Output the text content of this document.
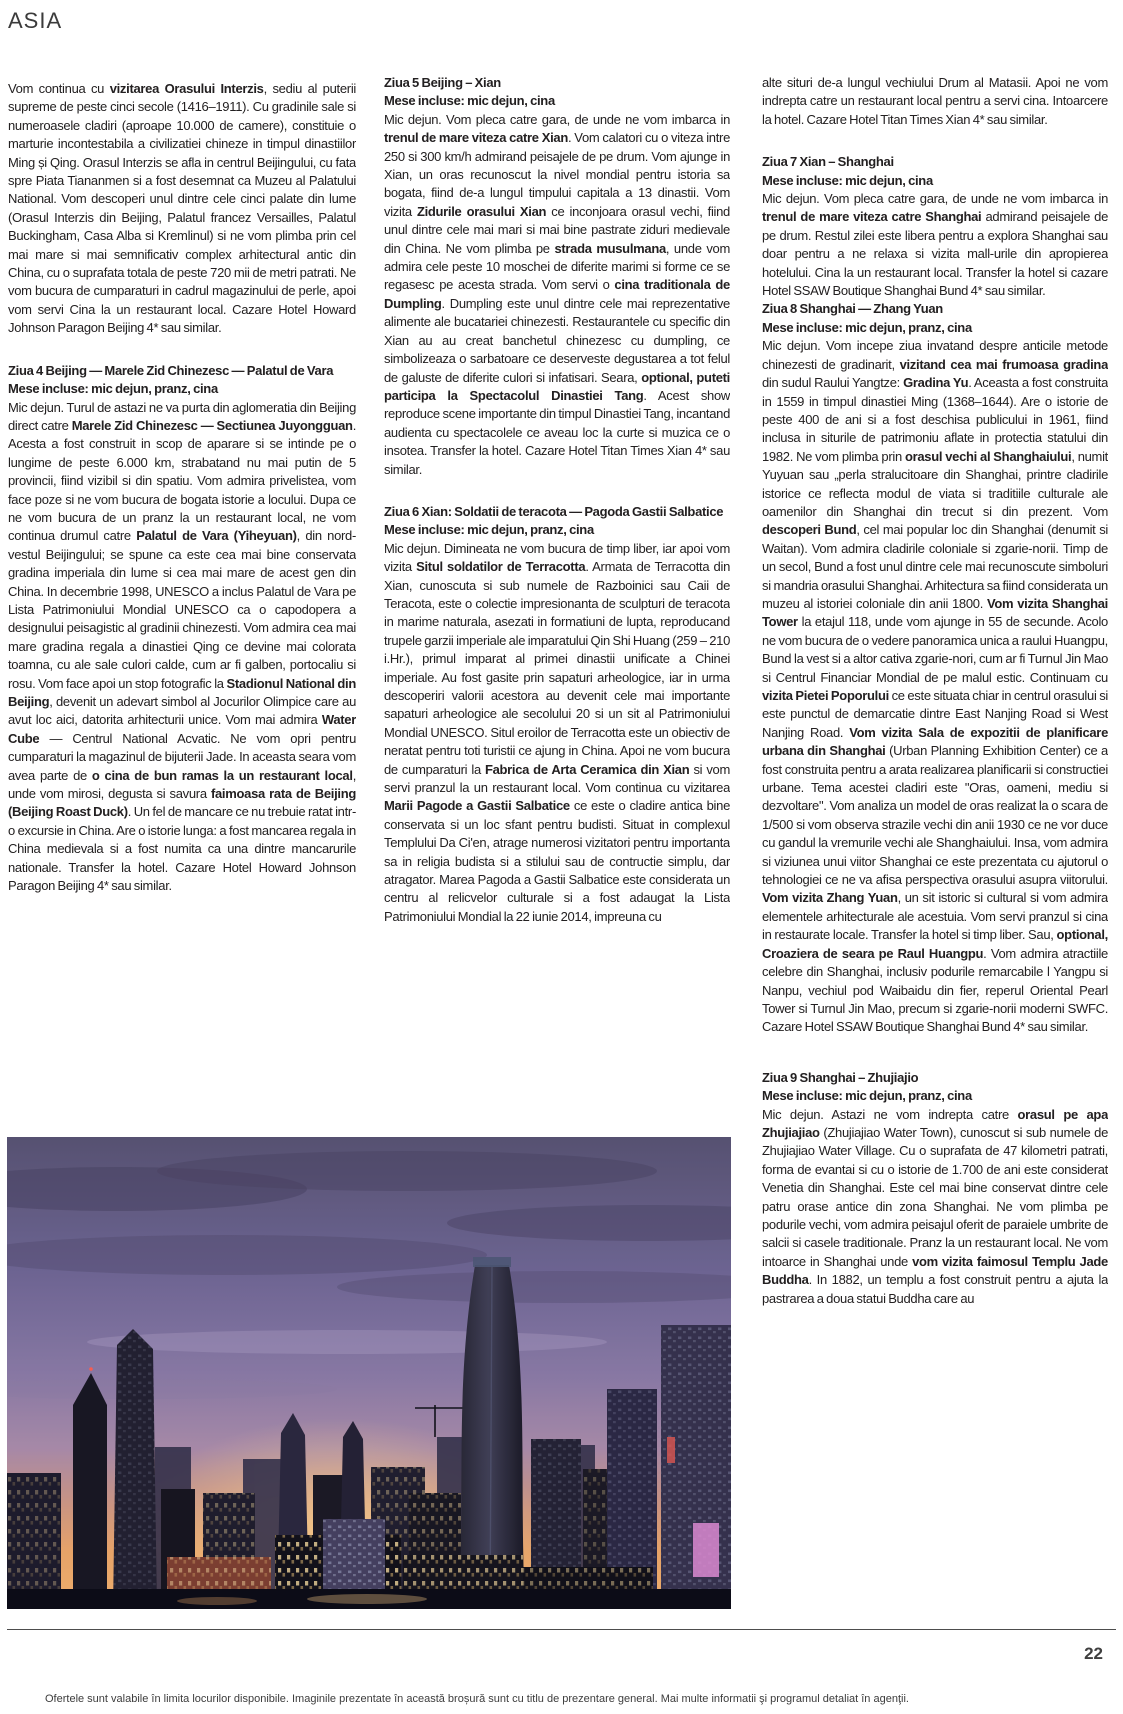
ASIA

Vom continua cu vizitarea Orasului Interzis, sediu al puterii supreme de peste cinci secole (1416–1911). Cu gradinile sale si numeroasele cladiri (aproape 10.000 de camere), constituie o marturie incontestabila a civilizatiei chineze in timpul dinastiilor Ming și Qing. Orasul Interzis se afla in centrul Beijingului, cu fata spre Piata Tiananmen si a fost desemnat ca Muzeu al Palatului National. Vom descoperi unul dintre cele cinci palate din lume (Orasul Interzis din Beijing, Palatul francez Versailles, Palatul Buckingham, Casa Alba si Kremlinul) si ne vom plimba prin cel mai mare si mai semnificativ complex arhitectural antic din China, cu o suprafata totala de peste 720 mii de metri patrati. Ne vom bucura de cumparaturi in cadrul magazinului de perle, apoi vom servi Cina la un restaurant local. Cazare Hotel Howard Johnson Paragon Beijing 4* sau similar.

Ziua 4 Beijing — Marele Zid Chinezesc — Palatul de Vara

Mese incluse: mic dejun, pranz, cina

Mic dejun. Turul de astazi ne va purta din aglomeratia din Beijing direct catre Marele Zid Chinezesc — Sectiunea Juyongguan. Acesta a fost construit in scop de aparare si se intinde pe o lungime de peste 6.000 km, strabatand nu mai putin de 5 provincii, fiind vizibil si din spatiu. Vom admira privelistea, vom face poze si ne vom bucura de bogata istorie a locului. Dupa ce ne vom bucura de un pranz la un restaurant local, ne vom continua drumul catre Palatul de Vara (Yiheyuan), din nord-vestul Beijingului; se spune ca este cea mai bine conservata gradina imperiala din lume si cea mai mare de acest gen din China. In decembrie 1998, UNESCO a inclus Palatul de Vara pe Lista Patrimoniului Mondial UNESCO ca o capodopera a designului peisagistic al gradinii chinezesti. Vom admira cea mai mare gradina regala a dinastiei Qing ce devine mai colorata toamna, cu ale sale culori calde, cum ar fi galben, portocaliu si rosu. Vom face apoi un stop fotografic la Stadionul National din Beijing, devenit un adevart simbol al Jocurilor Olimpice care au avut loc aici, datorita arhitecturii unice. Vom mai admira Water Cube — Centrul National Acvatic. Ne vom opri pentru cumparaturi la magazinul de bijuterii Jade. In aceasta seara vom avea parte de o cina de bun ramas la un restaurant local, unde vom mirosi, degusta si savura faimoasa rata de Beijing (Beijing Roast Duck). Un fel de mancare ce nu trebuie ratat intr-o excursie in China. Are o istorie lunga: a fost mancarea regala in China medievala si a fost numita ca una dintre mancarurile nationale. Transfer la hotel. Cazare Hotel Howard Johnson Paragon Beijing 4* sau similar.

Ziua 5 Beijing – Xian

Mese incluse: mic dejun, cina

Mic dejun. Vom pleca catre gara, de unde ne vom imbarca in trenul de mare viteza catre Xian. Vom calatori cu o viteza intre 250 si 300 km/h admirand peisajele de pe drum. Vom ajunge in Xian, un oras recunoscut la nivel mondial pentru istoria sa bogata, fiind de-a lungul timpului capitala a 13 dinastii. Vom vizita Zidurile orasului Xian ce inconjoara orasul vechi, fiind unul dintre cele mai mari si mai bine pastrate ziduri medievale din China. Ne vom plimba pe strada musulmana, unde vom admira cele peste 10 moschei de diferite marimi si forme ce se regasesc pe acesta strada. Vom servi o cina traditionala de Dumpling. Dumpling este unul dintre cele mai reprezentative alimente ale bucatariei chinezesti. Restaurantele cu specific din Xian au au creat banchetul chinezesc cu dumpling, ce simbolizeaza o sarbatoare ce deserveste degustarea a tot felul de galuste de diferite culori si infatisari. Seara, optional, puteti participa la Spectacolul Dinastiei Tang. Acest show reproduce scene importante din timpul Dinastiei Tang, incantand audienta cu spectacolele ce aveau loc la curte si muzica ce o insotea. Transfer la hotel. Cazare Hotel Titan Times Xian 4* sau similar.

Ziua 6 Xian: Soldatii de teracota — Pagoda Gastii Salbatice

Mese incluse: mic dejun, pranz, cina

Mic dejun. Dimineata ne vom bucura de timp liber, iar apoi vom vizita Situl soldatilor de Terracotta. Armata de Terracotta din Xian, cunoscuta si sub numele de Razboinici sau Caii de Teracota, este o colectie impresionanta de sculpturi de teracota in marime naturala, asezati in formatiuni de lupta, reproducand trupele garzii imperiale ale imparatului Qin Shi Huang (259 – 210 i.Hr.), primul imparat al primei dinastii unificate a Chinei imperiale. Au fost gasite prin sapaturi arheologice, iar in urma descoperiri valorii acestora au devenit cele mai importante sapaturi arheologice ale secolului 20 si un sit al Patrimoniului Mondial UNESCO. Situl eroilor de Terracotta este un obiectiv de neratat pentru toti turistii ce ajung in China. Apoi ne vom bucura de cumparaturi la Fabrica de Arta Ceramica din Xian si vom servi pranzul la un restaurant local. Vom continua cu vizitarea Marii Pagode a Gastii Salbatice ce este o cladire antica bine conservata si un loc sfant pentru budisti. Situat in complexul Templului Da Ci'en, atrage numerosi vizitatori pentru importanta sa in religia budista si a stilului sau de contructie simplu, dar atragator. Marea Pagoda a Gastii Salbatice este considerata un centru al relicvelor culturale si a fost adaugat la Lista Patrimoniului Mondial la 22 iunie 2014, impreuna cu

alte situri de-a lungul vechiului Drum al Matasii. Apoi ne vom indrepta catre un restaurant local pentru a servi cina. Intoarcere la hotel. Cazare Hotel Titan Times Xian 4* sau similar.

Ziua 7 Xian – Shanghai

Mese incluse: mic dejun, cina

Mic dejun. Vom pleca catre gara, de unde ne vom imbarca in trenul de mare viteza catre Shanghai admirand peisajele de pe drum. Restul zilei este libera pentru a explora Shanghai sau doar pentru a ne relaxa si vizita mall-urile din apropierea hotelului. Cina la un restaurant local. Transfer la hotel si cazare Hotel SSAW Boutique Shanghai Bund 4* sau similar.

Ziua 8 Shanghai — Zhang Yuan

Mese incluse: mic dejun, pranz, cina

Mic dejun. Vom incepe ziua invatand despre anticile metode chinezesti de gradinarit, vizitand cea mai frumoasa gradina din sudul Raului Yangtze: Gradina Yu. Aceasta a fost construita in 1559 in timpul dinastiei Ming (1368–1644). Are o istorie de peste 400 de ani si a fost deschisa publicului in 1961, fiind inclusa in siturile de patrimoniu aflate in protectia statului din 1982. Ne vom plimba prin orasul vechi al Shanghaiului, numit Yuyuan sau „perla stralucitoare din Shanghai, printre cladirile istorice ce reflecta modul de viata si traditiile culturale ale oamenilor din Shanghai din trecut si din prezent. Vom descoperi Bund, cel mai popular loc din Shanghai (denumit si Waitan). Vom admira cladirile coloniale si zgarie-norii. Timp de un secol, Bund a fost unul dintre cele mai recunoscute simboluri si mandria orasului Shanghai. Arhitectura sa fiind considerata un muzeu al istoriei coloniale din anii 1800. Vom vizita Shanghai Tower la etajul 118, unde vom ajunge in 55 de secunde. Acolo ne vom bucura de o vedere panoramica unica a raului Huangpu, Bund la vest si a altor cativa zgarie-nori, cum ar fi Turnul Jin Mao si Centrul Financiar Mondial de pe malul estic. Continuam cu vizita Pietei Poporului ce este situata chiar in centrul orasului si este punctul de demarcatie dintre East Nanjing Road si West Nanjing Road. Vom vizita Sala de expozitii de planificare urbana din Shanghai (Urban Planning Exhibition Center) ce a fost construita pentru a arata realizarea planificarii si constructiei urbane. Tema acestei cladiri este "Oras, oameni, mediu si dezvoltare". Vom analiza un model de oras realizat la o scara de 1/500 si vom observa strazile vechi din anii 1930 ce ne vor duce cu gandul la vremurile vechi ale Shanghaiului. Insa, vom admira si viziunea unui viitor Shanghai ce este prezentata cu ajutorul o tehnologiei ce ne va afisa perspectiva orasului asupra viitorului. Vom vizita Zhang Yuan, un sit istoric si cultural si vom admira elementele arhitecturale ale acestuia. Vom servi pranzul si cina in restaurate locale. Transfer la hotel si timp liber. Sau, optional, Croaziera de seara pe Raul Huangpu. Vom admira atractiile celebre din Shanghai, inclusiv podurile remarcabile l Yangpu si Nanpu, vechiul pod Waibaidu din fier, reperul Oriental Pearl Tower si Turnul Jin Mao, precum si zgarie-norii moderni SWFC. Cazare Hotel SSAW Boutique Shanghai Bund 4* sau similar.

Ziua 9 Shanghai – Zhujiajio

Mese incluse: mic dejun, pranz, cina

Mic dejun. Astazi ne vom indrepta catre orasul pe apa Zhujiajiao (Zhujiajiao Water Town), cunoscut si sub numele de Zhujiajiao Water Village. Cu o suprafata de 47 kilometri patrati, forma de evantai si cu o istorie de 1.700 de ani este considerat Venetia din Shanghai. Este cel mai bine conservat dintre cele patru orase antice din zona Shanghai. Ne vom plimba pe podurile vechi, vom admira peisajul oferit de paraiele umbrite de salcii si casele traditionale. Pranz la un restaurant local. Ne vom intoarce in Shanghai unde vom vizita faimosul Templu Jade Buddha. In 1882, un templu a fost construit pentru a ajuta la pastrarea a doua statui Buddha care au

22
Ofertele sunt valabile în limita locurilor disponibile. Imaginile prezentate în această broșură sunt cu titlu de prezentare general. Mai multe informatii şi programul detaliat în agenţii.
